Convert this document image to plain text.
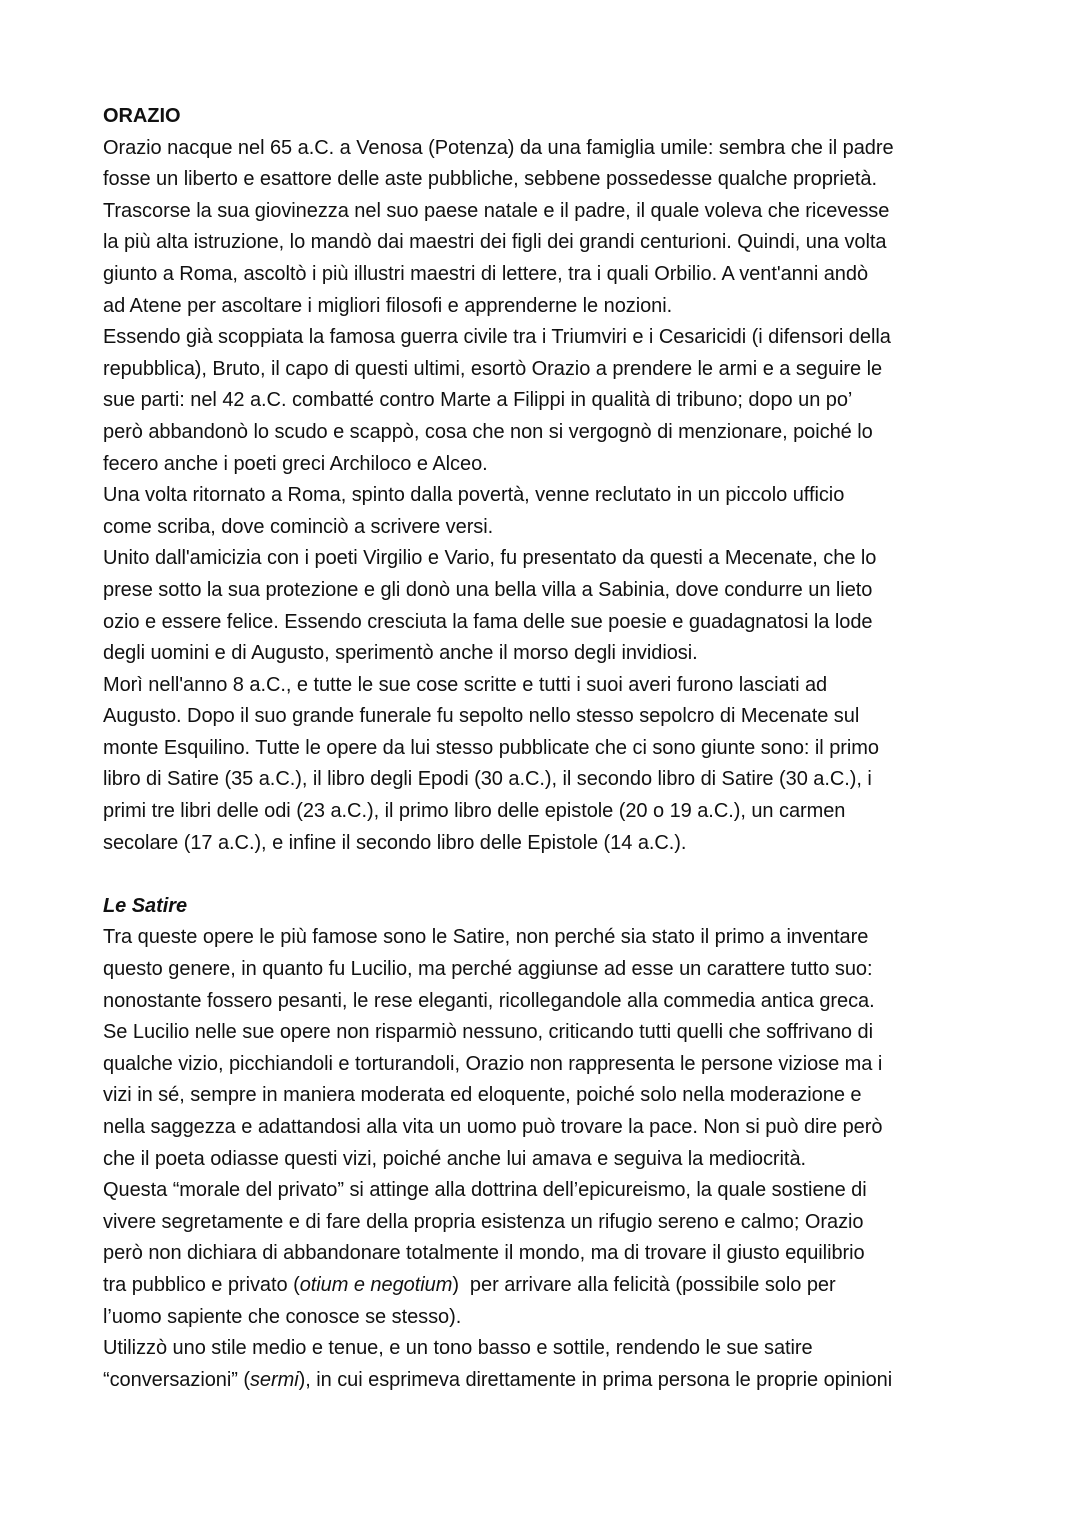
ORAZIO
Orazio nacque nel 65 a.C. a Venosa (Potenza) da una famiglia umile: sembra che il padre
fosse un liberto e esattore delle aste pubbliche, sebbene possedesse qualche proprietà.
Trascorse la sua giovinezza nel suo paese natale e il padre, il quale voleva che ricevesse
la più alta istruzione, lo mandò dai maestri dei figli dei grandi centurioni. Quindi, una volta
giunto a Roma, ascoltò i più illustri maestri di lettere, tra i quali Orbilio. A vent'anni andò
ad Atene per ascoltare i migliori filosofi e apprenderne le nozioni.
Essendo già scoppiata la famosa guerra civile tra i Triumviri e i Cesaricidi (i difensori della
repubblica), Bruto, il capo di questi ultimi, esortò Orazio a prendere le armi e a seguire le
sue parti: nel 42 a.C. combatté contro Marte a Filippi in qualità di tribuno; dopo un po’
però abbandonò lo scudo e scappò, cosa che non si vergognò di menzionare, poiché lo
fecero anche i poeti greci Archiloco e Alceo.
Una volta ritornato a Roma, spinto dalla povertà, venne reclutato in un piccolo ufficio
come scriba, dove cominciò a scrivere versi.
Unito dall'amicizia con i poeti Virgilio e Vario, fu presentato da questi a Mecenate, che lo
prese sotto la sua protezione e gli donò una bella villa a Sabinia, dove condurre un lieto
ozio e essere felice. Essendo cresciuta la fama delle sue poesie e guadagnatosi la lode
degli uomini e di Augusto, sperimentò anche il morso degli invidiosi.
Morì nell'anno 8 a.C., e tutte le sue cose scritte e tutti i suoi averi furono lasciati ad
Augusto. Dopo il suo grande funerale fu sepolto nello stesso sepolcro di Mecenate sul
monte Esquilino. Tutte le opere da lui stesso pubblicate che ci sono giunte sono: il primo
libro di Satire (35 a.C.), il libro degli Epodi (30 a.C.), il secondo libro di Satire (30 a.C.), i
primi tre libri delle odi (23 a.C.), il primo libro delle epistole (20 o 19 a.C.), un carmen
secolare (17 a.C.), e infine il secondo libro delle Epistole (14 a.C.).
Le Satire
Tra queste opere le più famose sono le Satire, non perché sia stato il primo a inventare
questo genere, in quanto fu Lucilio, ma perché aggiunse ad esse un carattere tutto suo:
nonostante fossero pesanti, le rese eleganti, ricollegandole alla commedia antica greca.
Se Lucilio nelle sue opere non risparmiò nessuno, criticando tutti quelli che soffrivano di
qualche vizio, picchiandoli e torturandoli, Orazio non rappresenta le persone viziose ma i
vizi in sé, sempre in maniera moderata ed eloquente, poiché solo nella moderazione e
nella saggezza e adattandosi alla vita un uomo può trovare la pace. Non si può dire però
che il poeta odiasse questi vizi, poiché anche lui amava e seguiva la mediocrità.
Questa “morale del privato” si attinge alla dottrina dell’epicureismo, la quale sostiene di
vivere segretamente e di fare della propria esistenza un rifugio sereno e calmo; Orazio
però non dichiara di abbandonare totalmente il mondo, ma di trovare il giusto equilibrio
tra pubblico e privato (otium e negotium)  per arrivare alla felicità (possibile solo per
l’uomo sapiente che conosce se stesso).
Utilizzò uno stile medio e tenue, e un tono basso e sottile, rendendo le sue satire
“conversazioni” (sermi), in cui esprimeva direttamente in prima persona le proprie opinioni
